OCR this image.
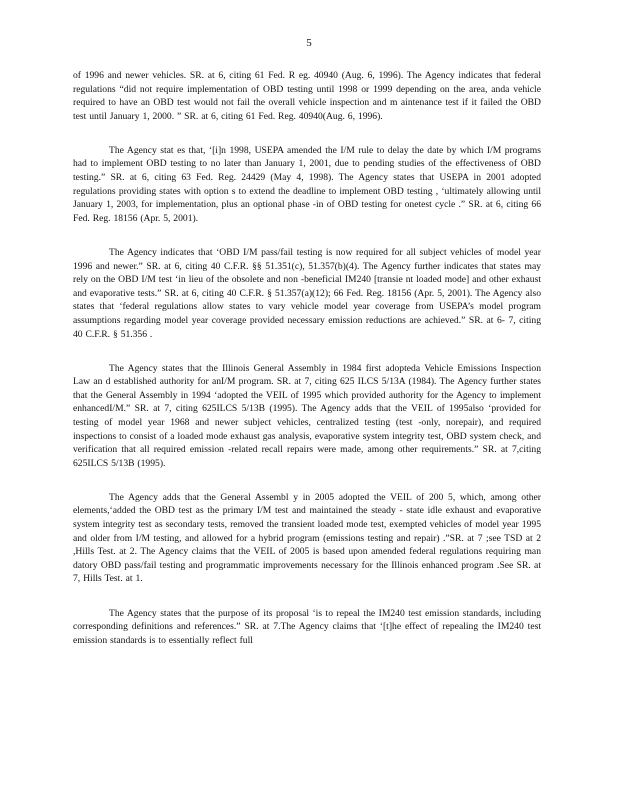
5

of 1996 and newer vehicles. SR. at 6, citing 61 Fed. R eg. 40940 (Aug. 6, 1996). The Agency indicates that federal regulations “did not require implementation of OBD testing until 1998 or 1999 depending on the area, anda vehicle required to have an OBD test would not fail the overall vehicle inspection and m aintenance test if it failed the OBD test until January 1, 2000. ” SR. at 6, citing 61 Fed. Reg. 40940(Aug. 6, 1996).

The Agency stat es that, ‘[i]n 1998, USEPA amended the I/M rule to delay the date by which I/M programs had to implement OBD testing to no later than January 1, 2001, due to pending studies of the effectiveness of OBD testing.” SR. at 6, citing 63 Fed. Reg. 24429 (May 4, 1998). The Agency states that USEPA in 2001 adopted regulations providing states with option s to extend the deadline to implement OBD testing , ‘ultimately allowing until January 1, 2003, for implementation, plus an optional phase -in of OBD testing for onetest cycle .” SR. at 6, citing 66 Fed. Reg. 18156 (Apr. 5, 2001).

The Agency indicates that ‘OBD I/M pass/fail testing is now required for all subject vehicles of model year 1996 and newer.” SR. at 6, citing 40 C.F.R. §§ 51.351(c), 51.357(b)(4). The Agency further indicates that states may rely on the OBD I/M test ‘in lieu of the obsolete and non -beneficial IM240 [transie nt loaded mode] and other exhaust and evaporative tests.” SR. at 6, citing 40 C.F.R. § 51.357(a)(12); 66 Fed. Reg. 18156 (Apr. 5, 2001). The Agency also states that ‘federal regulations allow states to vary vehicle model year coverage from USEPA’s model program assumptions regarding model year coverage provided necessary emission reductions are achieved.” SR. at 6- 7, citing 40 C.F.R. § 51.356 .

The Agency states that the Illinois General Assembly in 1984 first adopteda Vehicle Emissions Inspection Law an d established authority for anI/M program. SR. at 7, citing 625 ILCS 5/13A (1984). The Agency further states that the General Assembly in 1994 ‘adopted the VEIL of 1995 which provided authority for the Agency to implement enhancedI/M.” SR. at 7, citing 625ILCS 5/13B (1995). The Agency adds that the VEIL of 1995also ‘provided for testing of model year 1968 and newer subject vehicles, centralized testing (test -only, norepair), and required inspections to consist of a loaded mode exhaust gas analysis, evaporative system integrity test, OBD system check, and verification that all required emission -related recall repairs were made, among other requirements.” SR. at 7,citing 625ILCS 5/13B (1995).

The Agency adds that the General Assembl y in 2005 adopted the VEIL of 200 5, which, among other elements,‘added the OBD test as the primary I/M test and maintained the steady - state idle exhaust and evaporative system integrity test as secondary tests, removed the transient loaded mode test, exempted vehicles of model year 1995 and older from I/M testing, and allowed for a hybrid program (emissions testing and repair) .”SR. at 7 ;see TSD at 2 ,Hills Test. at 2. The Agency claims that the VEIL of 2005 is based upon amended federal regulations requiring man datory OBD pass/fail testing and programmatic improvements necessary for the Illinois enhanced program .See SR. at 7, Hills Test. at 1.

The Agency states that the purpose of its proposal ‘is to repeal the IM240 test emission standards, including corresponding definitions and references.” SR. at 7.The Agency claims that ‘[t]he effect of repealing the IM240 test emission standards is to essentially reflect full
